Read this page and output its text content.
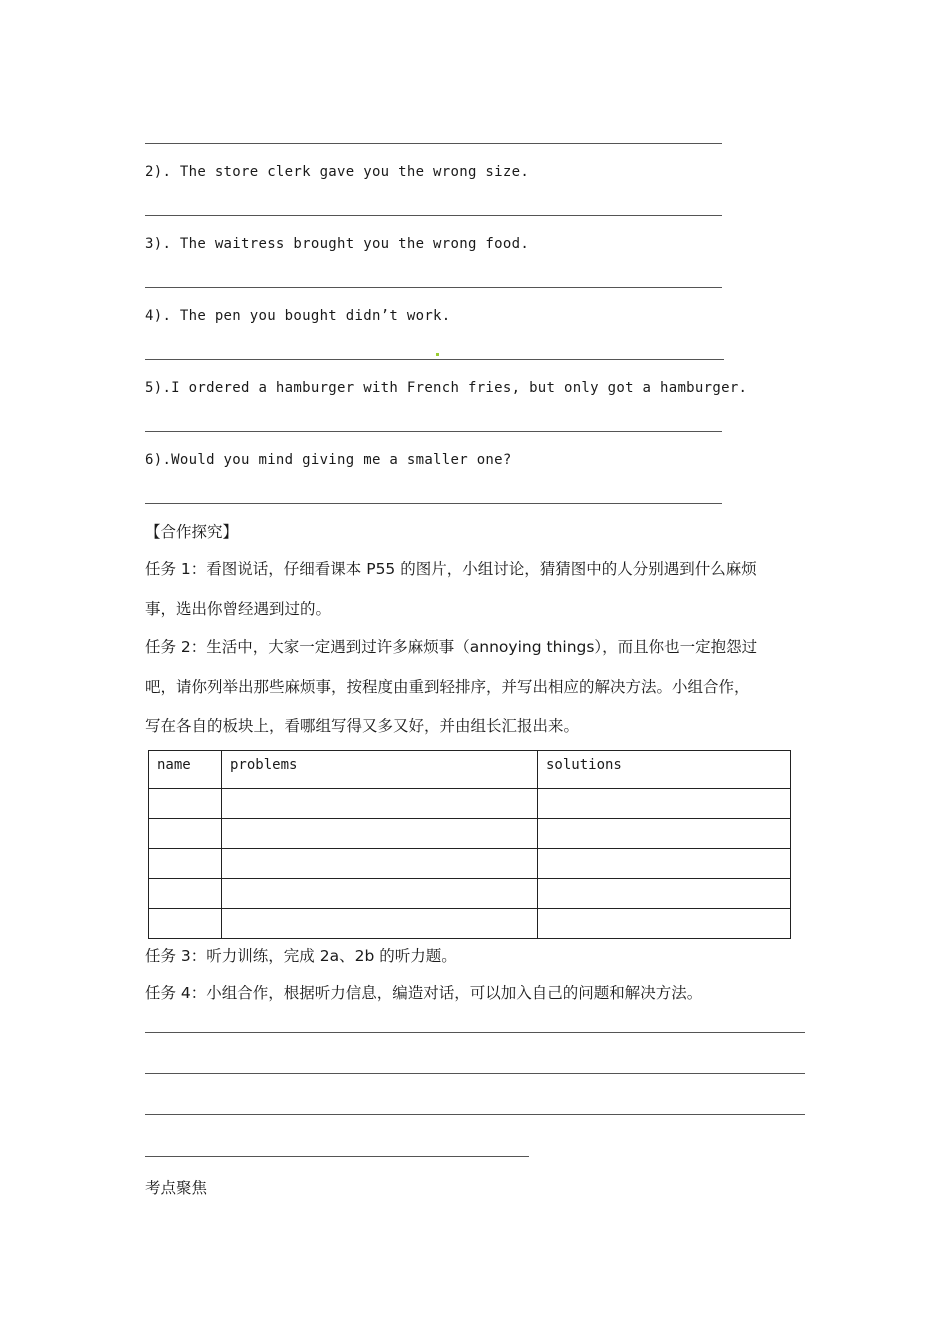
2). The store clerk gave you the wrong size.
3). The waitress brought you the wrong food.
4). The pen you bought didn’t work.
5).I ordered a hamburger with French fries, but only got a hamburger.
6).Would you mind giving me a smaller one?
【合作探究】
任务 1：看图说话，仔细看课本 P55 的图片，小组讨论，猜猜图中的人分别遇到什么麻烦
事，选出你曾经遇到过的。
任务 2：生活中，大家一定遇到过许多麻烦事（annoying things），而且你也一定抱怨过
吧，请你列举出那些麻烦事，按程度由重到轻排序，并写出相应的解决方法。小组合作，
写在各自的板块上，看哪组写得又多又好，并由组长汇报出来。
name	problems	solutions

任务 3：听力训练，完成 2a、2b 的听力题。
任务 4：小组合作，根据听力信息，编造对话，可以加入自己的问题和解决方法。
考点聚焦
